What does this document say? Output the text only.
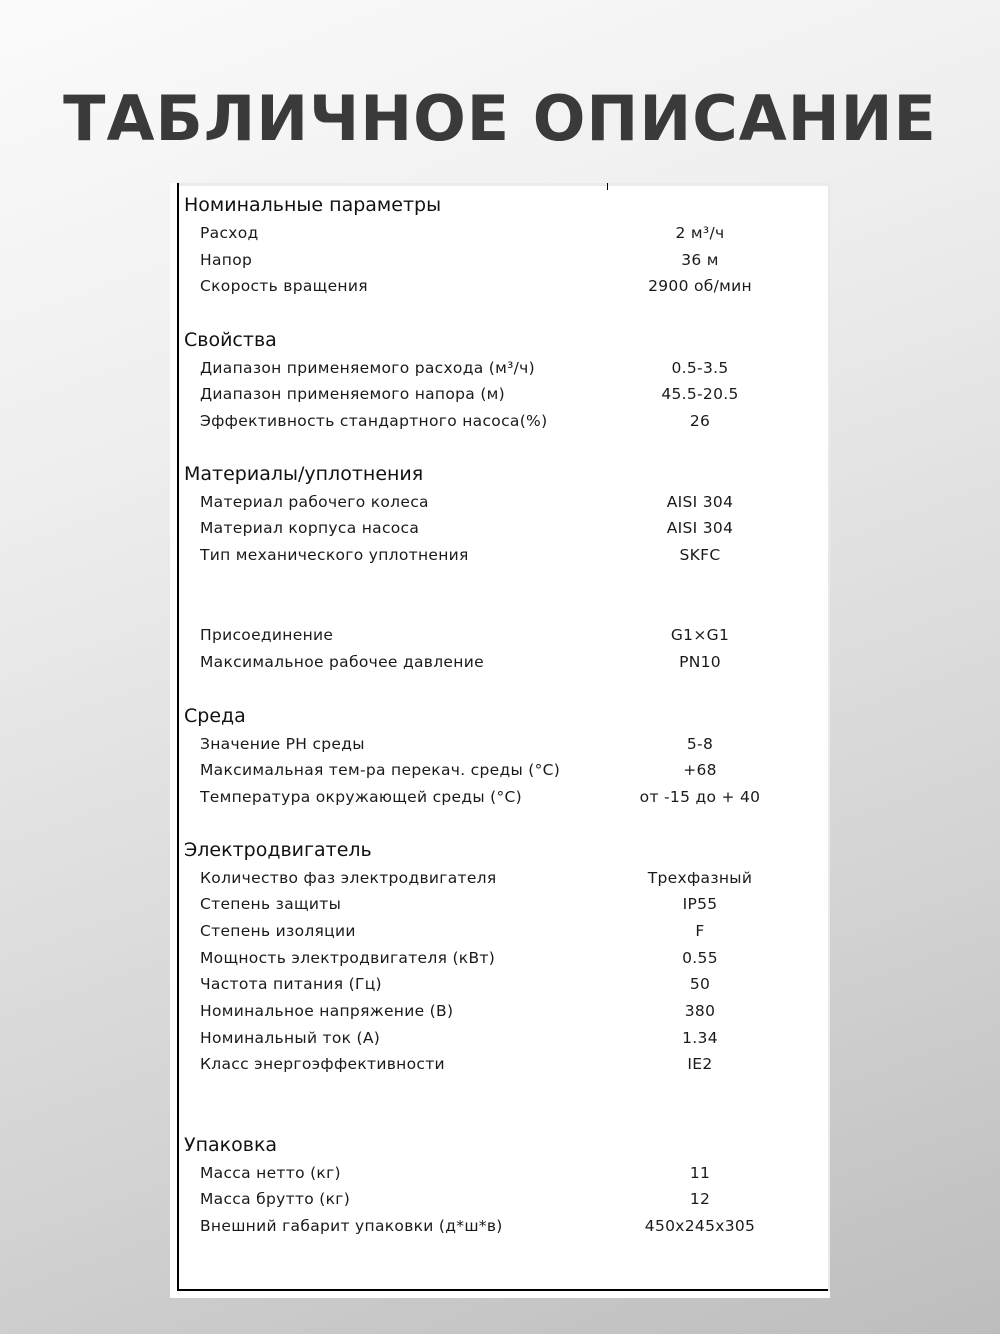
ТАБЛИЧНОЕ ОПИСАНИЕ
Номинальные параметры
Расход	2 м³/ч
Напор	36 м
Скорость вращения	2900 об/мин
Свойства
Диапазон применяемого расхода (м³/ч)	0.5-3.5
Диапазон применяемого напора (м)	45.5-20.5
Эффективность стандартного насоса(%)	26
Материалы/уплотнения
Материал рабочего колеса	AISI 304
Материал корпуса насоса	AISI 304
Тип механического уплотнения	SKFC
Присоединение	G1×G1
Максимальное рабочее давление	PN10
Среда
Значение PH среды	5-8
Максимальная тем-ра перекач. среды (°C)	+68
Температура окружающей среды (°C)	от -15 до + 40
Электродвигатель
Количество фаз электродвигателя	Трехфазный
Степень защиты	IP55
Степень изоляции	F
Мощность электродвигателя (кВт)	0.55
Частота питания (Гц)	50
Номинальное напряжение (В)	380
Номинальный ток (А)	1.34
Класс энергоэффективности	IE2
Упаковка
Масса нетто (кг)	11
Масса брутто (кг)	12
Внешний габарит упаковки (д*ш*в)	450x245x305
